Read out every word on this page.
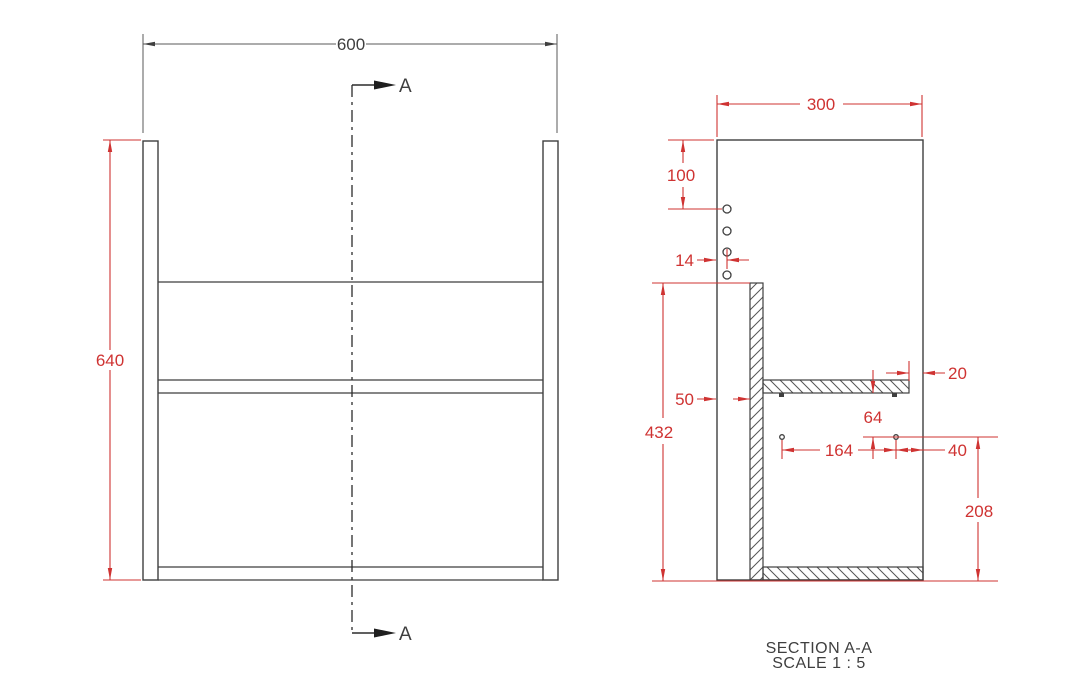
600
640
A
A
300
100
14
432
50
20
64
164	40
208
SECTION A-A
SCALE 1 : 5
